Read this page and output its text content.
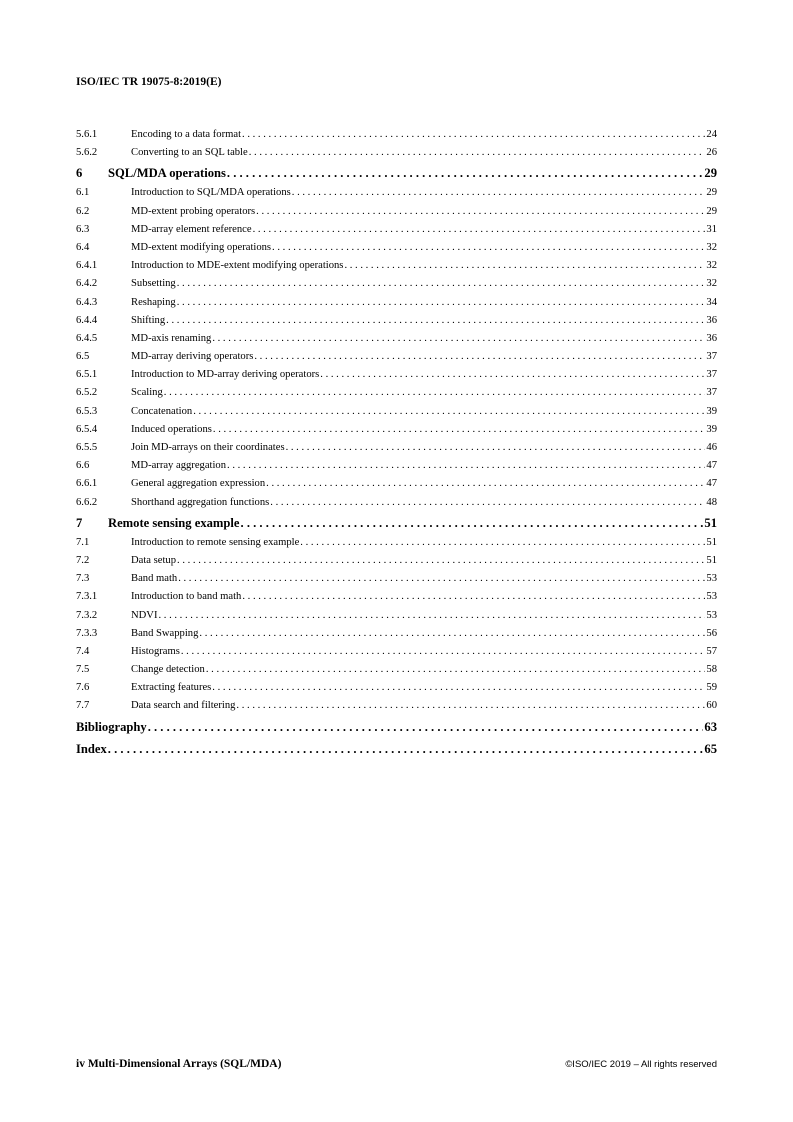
ISO/IEC TR 19075-8:2019(E)
5.6.1	Encoding to a data format . . .	24
5.6.2	Converting to an SQL table . . .	26
6	SQL/MDA operations . . .	29
6.1	Introduction to SQL/MDA operations . . .	29
6.2	MD-extent probing operators . . .	29
6.3	MD-array element reference . . .	31
6.4	MD-extent modifying operations . . .	32
6.4.1	Introduction to MDE-extent modifying operations . . .	32
6.4.2	Subsetting . . .	32
6.4.3	Reshaping . . .	34
6.4.4	Shifting . . .	36
6.4.5	MD-axis renaming . . .	36
6.5	MD-array deriving operators . . .	37
6.5.1	Introduction to MD-array deriving operators . . .	37
6.5.2	Scaling . . .	37
6.5.3	Concatenation . . .	39
6.5.4	Induced operations . . .	39
6.5.5	Join MD-arrays on their coordinates . . .	46
6.6	MD-array aggregation . . .	47
6.6.1	General aggregation expression . . .	47
6.6.2	Shorthand aggregation functions . . .	48
7	Remote sensing example . . .	51
7.1	Introduction to remote sensing example . . .	51
7.2	Data setup . . .	51
7.3	Band math . . .	53
7.3.1	Introduction to band math . . .	53
7.3.2	NDVI . . .	53
7.3.3	Band Swapping . . .	56
7.4	Histograms . . .	57
7.5	Change detection . . .	58
7.6	Extracting features . . .	59
7.7	Data search and filtering . . .	60
Bibliography . . .	63
Index . . .	65
iv Multi-Dimensional Arrays (SQL/MDA)	©ISO/IEC 2019 – All rights reserved
